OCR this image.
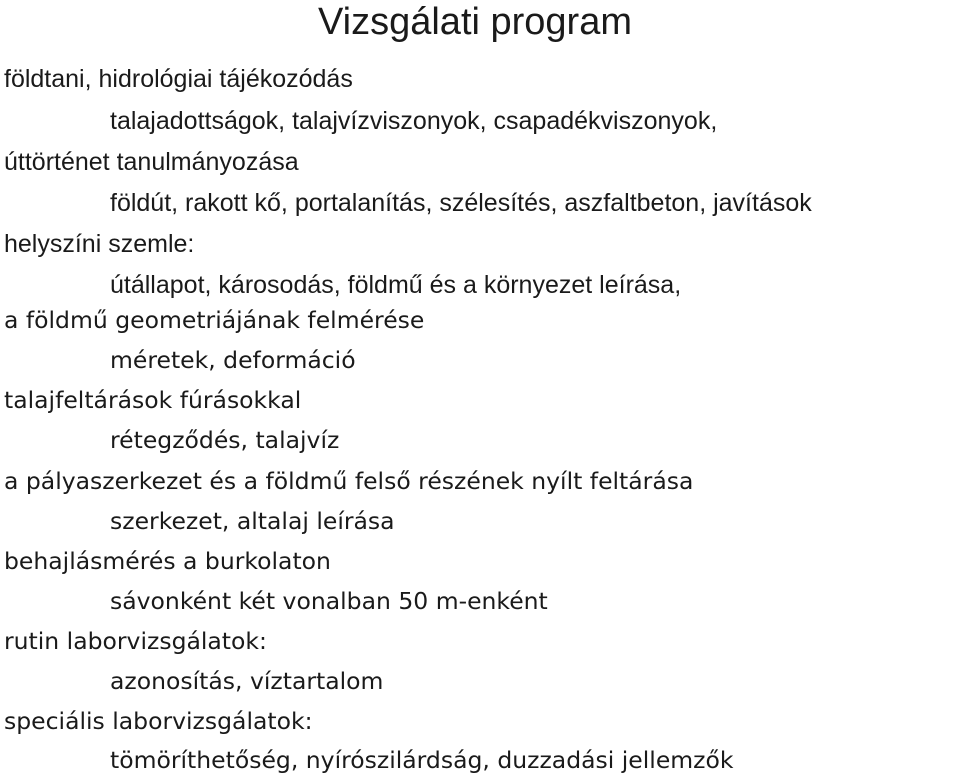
Vizsgálati program
földtani, hidrológiai tájékozódás
talajadottságok, talajvízviszonyok, csapadékviszonyok,
úttörténet tanulmányozása
földút, rakott kő, portalanítás, szélesítés, aszfaltbeton, javítások
helyszíni szemle:
útállapot, károsodás, földmű és a környezet leírása,
a földmű geometriájának felmérése
méretek, deformáció
talajfeltárások fúrásokkal
rétegződés, talajvíz
a pályaszerkezet és a földmű felső részének nyílt feltárása
szerkezet, altalaj leírása
behajlásmérés a burkolaton
sávonként két vonalban 50 m-enként
rutin laborvizsgálatok:
azonosítás, víztartalom
speciális laborvizsgálatok:
tömöríthetőség, nyírószilárdság, duzzadási jellemzők
